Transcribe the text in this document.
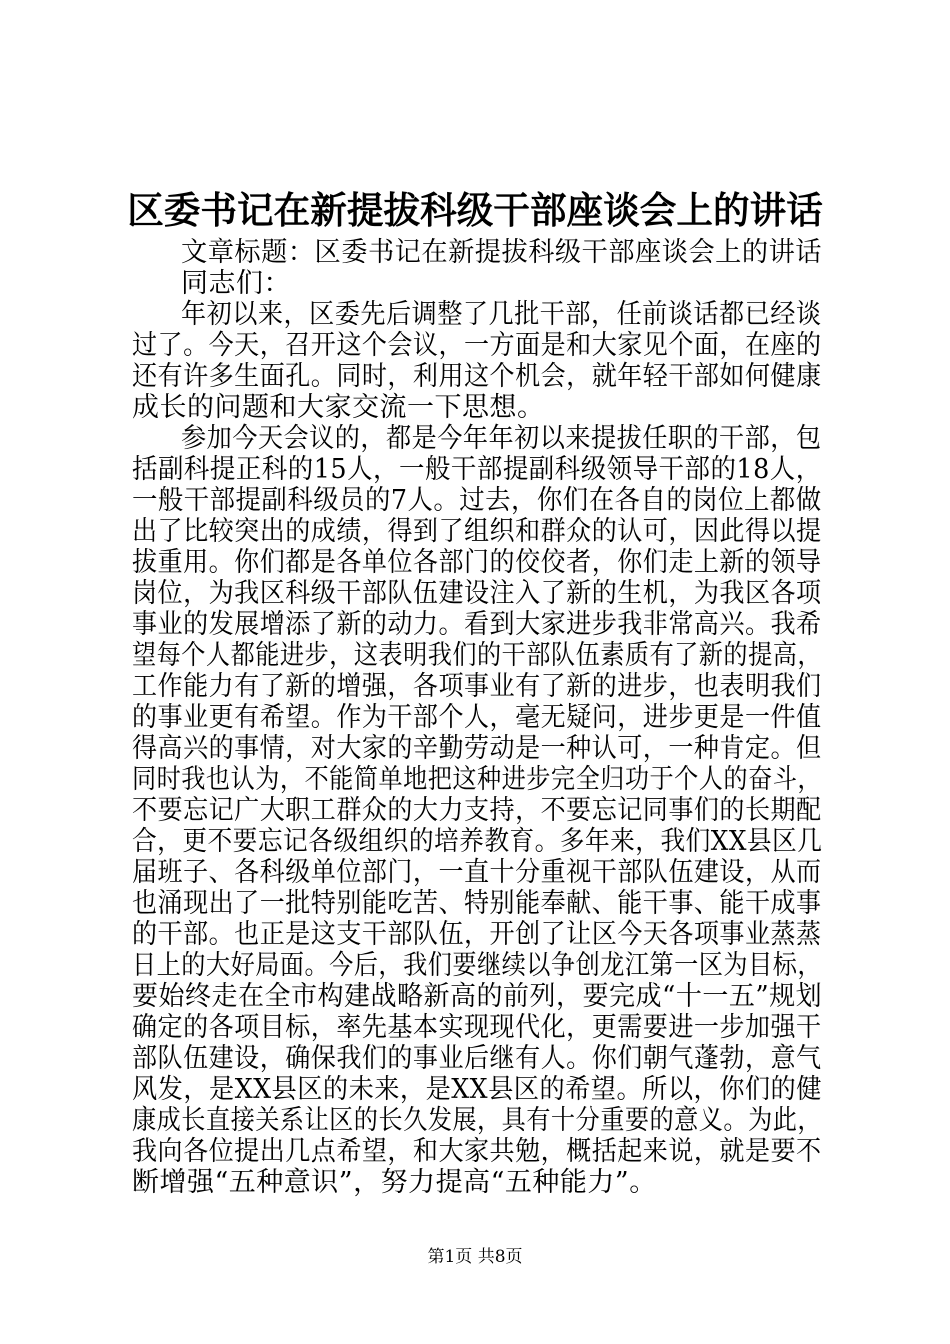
区委书记在新提拔科级干部座谈会上的讲话
文章标题：区委书记在新提拔科级干部座谈会上的讲话
同志们：
年初以来，区委先后调整了几批干部，任前谈话都已经谈
过了。今天，召开这个会议，一方面是和大家见个面，在座的
还有许多生面孔。同时，利用这个机会，就年轻干部如何健康
成长的问题和大家交流一下思想。
参加今天会议的，都是今年年初以来提拔任职的干部，包
括副科提正科的15人，一般干部提副科级领导干部的18人，
一般干部提副科级员的7人。过去，你们在各自的岗位上都做
出了比较突出的成绩，得到了组织和群众的认可，因此得以提
拔重用。你们都是各单位各部门的佼佼者，你们走上新的领导
岗位，为我区科级干部队伍建设注入了新的生机，为我区各项
事业的发展增添了新的动力。看到大家进步我非常高兴。我希
望每个人都能进步，这表明我们的干部队伍素质有了新的提高，
工作能力有了新的增强，各项事业有了新的进步，也表明我们
的事业更有希望。作为干部个人，毫无疑问，进步更是一件值
得高兴的事情，对大家的辛勤劳动是一种认可，一种肯定。但
同时我也认为，不能简单地把这种进步完全归功于个人的奋斗，
不要忘记广大职工群众的大力支持，不要忘记同事们的长期配
合，更不要忘记各级组织的培养教育。多年来，我们XX县区几
届班子、各科级单位部门，一直十分重视干部队伍建设，从而
也涌现出了一批特别能吃苦、特别能奉献、能干事、能干成事
的干部。也正是这支干部队伍，开创了让区今天各项事业蒸蒸
日上的大好局面。今后，我们要继续以争创龙江第一区为目标，
要始终走在全市构建战略新高的前列，要完成“十一五”规划
确定的各项目标，率先基本实现现代化，更需要进一步加强干
部队伍建设，确保我们的事业后继有人。你们朝气蓬勃，意气
风发，是XX县区的未来，是XX县区的希望。所以，你们的健
康成长直接关系让区的长久发展，具有十分重要的意义。为此，
我向各位提出几点希望，和大家共勉，概括起来说，就是要不
断增强“五种意识”，努力提高“五种能力”。
第1页 共8页
